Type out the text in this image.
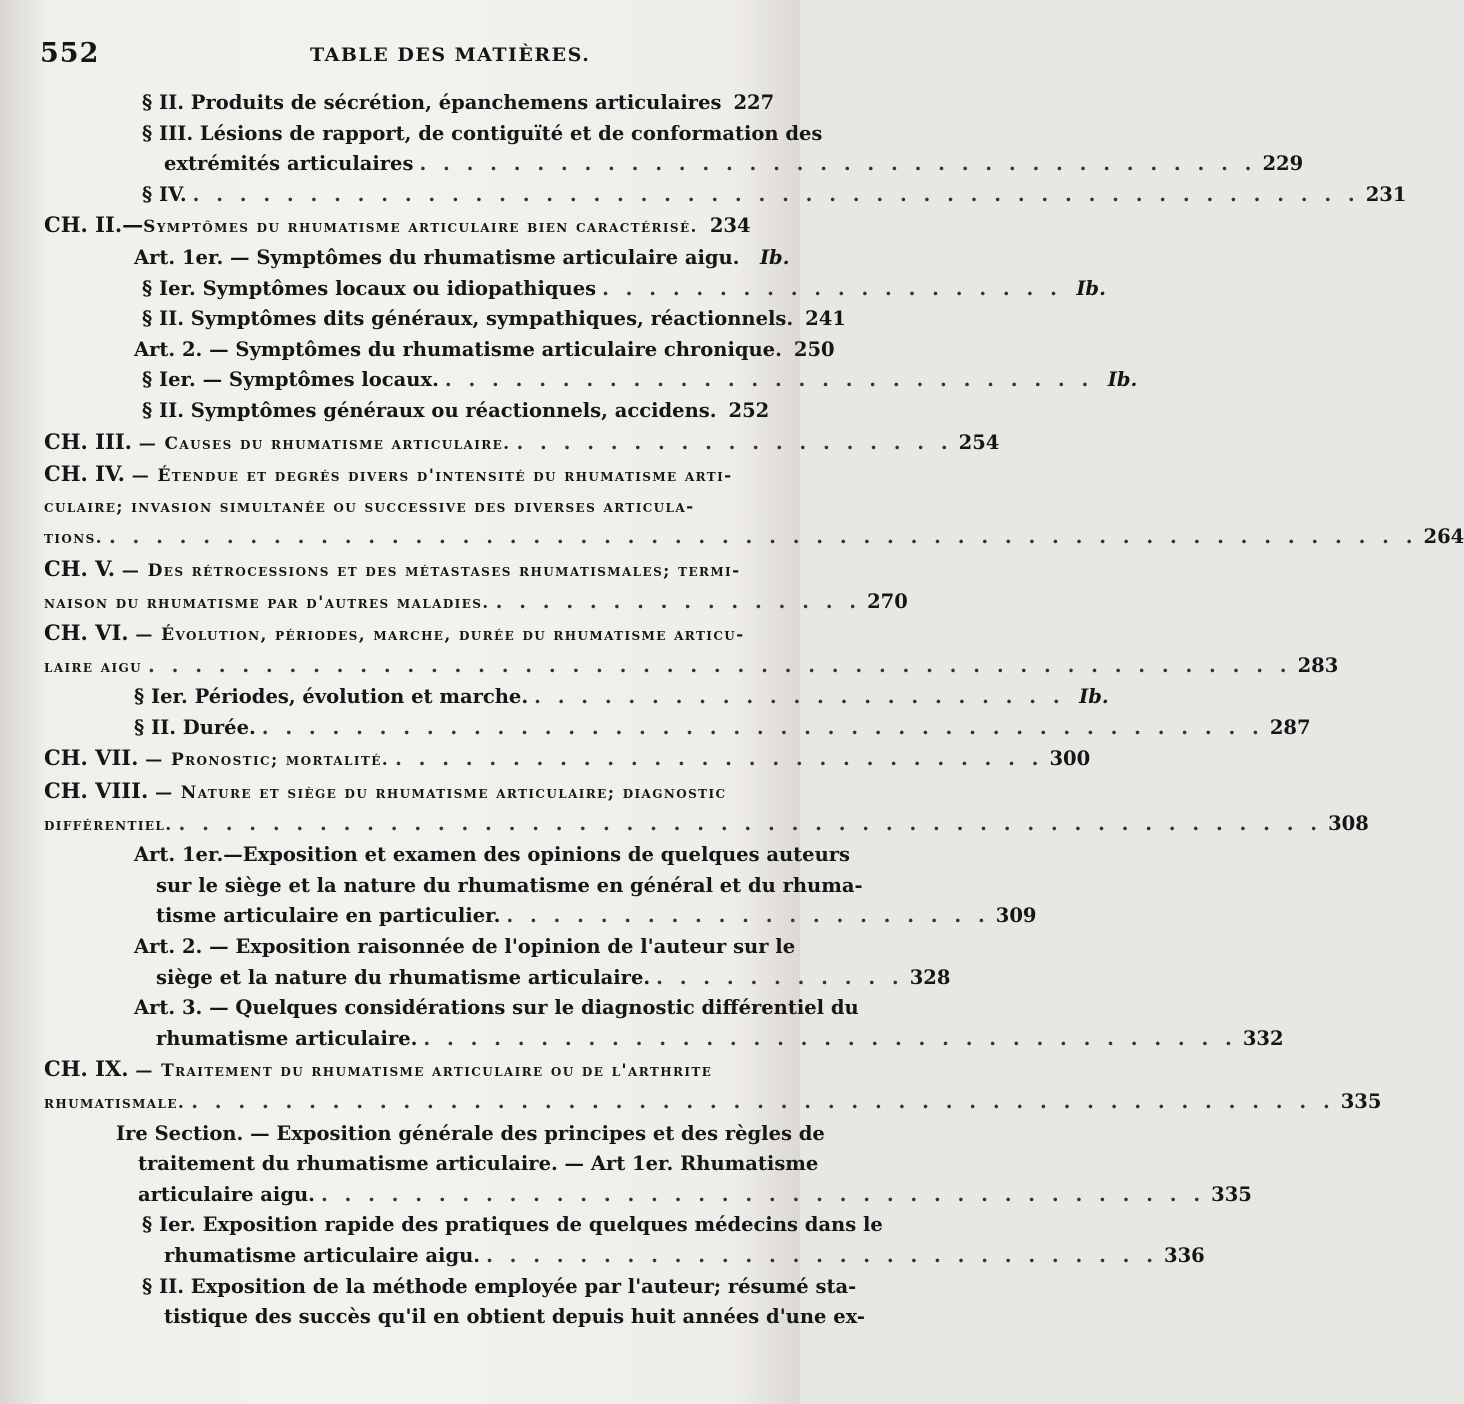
552	TABLE DES MATIÈRES.
§ II. Produits de sécrétion, épanchemens articulaires 227
§ III. Lésions de rapport, de contiguïté et de conformation des
extrémités articulaires . . . . . . . . . . . . . . . . . . . . . . . . . . . . . . . . . . . . 229
§ IV. . . . . . . . . . . . . . . . . . . . . . . . . . . . . . . . . . . . . . . . . . . . . . . . . . . 231
CH. II.—Symptômes du rhumatisme articulaire bien caractérisé. 234
Art. 1er. — Symptômes du rhumatisme articulaire aigu.	Ib.
§ Ier. Symptômes locaux ou idiopathiques . . . . . . . . . . . . . . . . . . . . Ib.
§ II. Symptômes dits généraux, sympathiques, réactionnels. 241
Art. 2. — Symptômes du rhumatisme articulaire chronique. 250
§ Ier. — Symptômes locaux. . . . . . . . . . . . . . . . . . . . . . . . . . . . . Ib.
§ II. Symptômes généraux ou réactionnels, accidens. 252
CH. III. — Causes du rhumatisme articulaire. . . . . . . . . . . . . . . . . . . . 254
CH. IV. — Étendue et degrés divers d'intensité du rhumatisme arti-
culaire; invasion simultanée ou successive des diverses articula-
tions. . . . . . . . . . . . . . . . . . . . . . . . . . . . . . . . . . . . . . . . . . . . . . . . . . . . . . . . . 264
CH. V. — Des rétrocessions et des métastases rhumatismales; termi-
naison du rhumatisme par d'autres maladies. . . . . . . . . . . . . . . . . 270
CH. VI. — Évolution, périodes, marche, durée du rhumatisme articu-
laire aigu . . . . . . . . . . . . . . . . . . . . . . . . . . . . . . . . . . . . . . . . . . . . . . . . . 283
§ Ier. Périodes, évolution et marche. . . . . . . . . . . . . . . . . . . . . . . . Ib.
§ II. Durée. . . . . . . . . . . . . . . . . . . . . . . . . . . . . . . . . . . . . . . . . . . . 287
CH. VII. — Pronostic; mortalité. . . . . . . . . . . . . . . . . . . . . . . . . . . . . 300
CH. VIII. — Nature et siège du rhumatisme articulaire; diagnostic
différentiel. . . . . . . . . . . . . . . . . . . . . . . . . . . . . . . . . . . . . . . . . . . . . . . . . . 308
Art. 1er.—Exposition et examen des opinions de quelques auteurs
sur le siège et la nature du rhumatisme en général et du rhuma-
tisme articulaire en particulier. . . . . . . . . . . . . . . . . . . . . . 309
Art. 2. — Exposition raisonnée de l'opinion de l'auteur sur le
siège et la nature du rhumatisme articulaire. . . . . . . . . . . . 328
Art. 3. — Quelques considérations sur le diagnostic différentiel du
rhumatisme articulaire. . . . . . . . . . . . . . . . . . . . . . . . . . . . . . . . . . . . 332
CH. IX. — Traitement du rhumatisme articulaire ou de l'arthrite
rhumatismale. . . . . . . . . . . . . . . . . . . . . . . . . . . . . . . . . . . . . . . . . . . . . . . . . . 335
Ire Section. — Exposition générale des principes et des règles de
traitement du rhumatisme articulaire. — Art 1er. Rhumatisme
articulaire aigu. . . . . . . . . . . . . . . . . . . . . . . . . . . . . . . . . . . . . . . 335
§ Ier. Exposition rapide des pratiques de quelques médecins dans le
rhumatisme articulaire aigu. . . . . . . . . . . . . . . . . . . . . . . . . . . . . . 336
§ II. Exposition de la méthode employée par l'auteur; résumé sta-
tistique des succès qu'il en obtient depuis huit années d'une ex-
